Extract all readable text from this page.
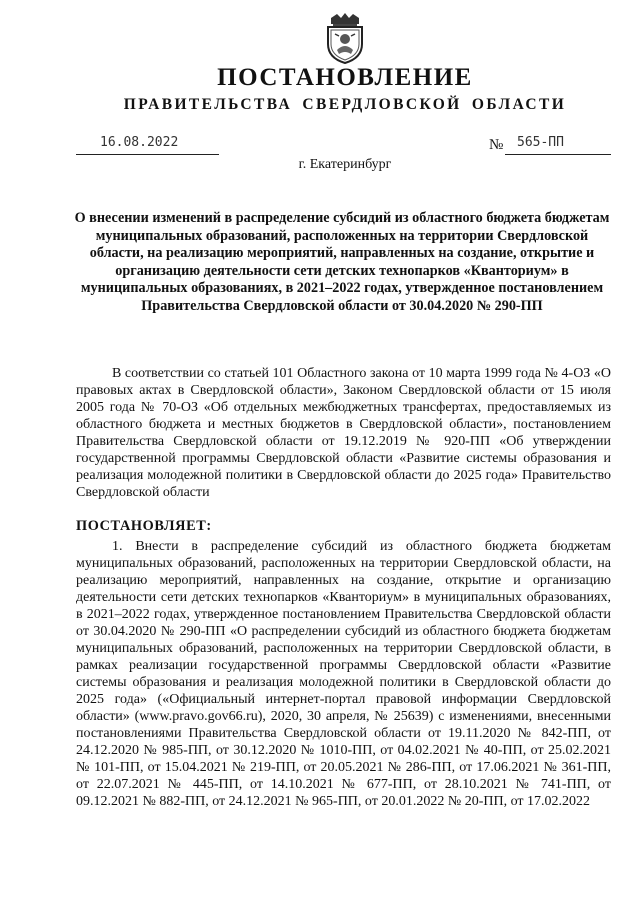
ПОСТАНОВЛЕНИЕ
ПРАВИТЕЛЬСТВА СВЕРДЛОВСКОЙ ОБЛАСТИ
16.08.2022	№ 565-ПП
г. Екатеринбург
О внесении изменений в распределение субсидий из областного бюджета бюджетам муниципальных образований, расположенных на территории Свердловской области, на реализацию мероприятий, направленных на создание, открытие и организацию деятельности сети детских технопарков «Кванториум» в муниципальных образованиях, в 2021–2022 годах, утвержденное постановлением Правительства Свердловской области от 30.04.2020 № 290-ПП

В соответствии со статьей 101 Областного закона от 10 марта 1999 года № 4-ОЗ «О правовых актах в Свердловской области», Законом Свердловской области от 15 июля 2005 года № 70-ОЗ «Об отдельных межбюджетных трансфертах, предоставляемых из областного бюджета и местных бюджетов в Свердловской области», постановлением Правительства Свердловской области от 19.12.2019 № 920-ПП «Об утверждении государственной программы Свердловской области «Развитие системы образования и реализация молодежной политики в Свердловской области до 2025 года» Правительство Свердловской области

ПОСТАНОВЛЯЕТ:
1. Внести в распределение субсидий из областного бюджета бюджетам муниципальных образований, расположенных на территории Свердловской области, на реализацию мероприятий, направленных на создание, открытие и организацию деятельности сети детских технопарков «Кванториум» в муниципальных образованиях, в 2021–2022 годах, утвержденное постановлением Правительства Свердловской области от 30.04.2020 № 290-ПП «О распределении субсидий из областного бюджета бюджетам муниципальных образований, расположенных на территории Свердловской области, в рамках реализации государственной программы Свердловской области «Развитие системы образования и реализация молодежной политики в Свердловской области до 2025 года» («Официальный интернет-портал правовой информации Свердловской области» (www.pravo.gov66.ru), 2020, 30 апреля, № 25639) с изменениями, внесенными постановлениями Правительства Свердловской области от 19.11.2020 № 842-ПП, от 24.12.2020 № 985-ПП, от 30.12.2020 № 1010-ПП, от 04.02.2021 № 40-ПП, от 25.02.2021 № 101-ПП, от 15.04.2021 № 219-ПП, от 20.05.2021 № 286-ПП, от 17.06.2021 № 361-ПП, от 22.07.2021 № 445-ПП, от 14.10.2021 № 677-ПП, от 28.10.2021 № 741-ПП, от 09.12.2021 № 882-ПП, от 24.12.2021 № 965-ПП, от 20.01.2022 № 20-ПП, от 17.02.2022
